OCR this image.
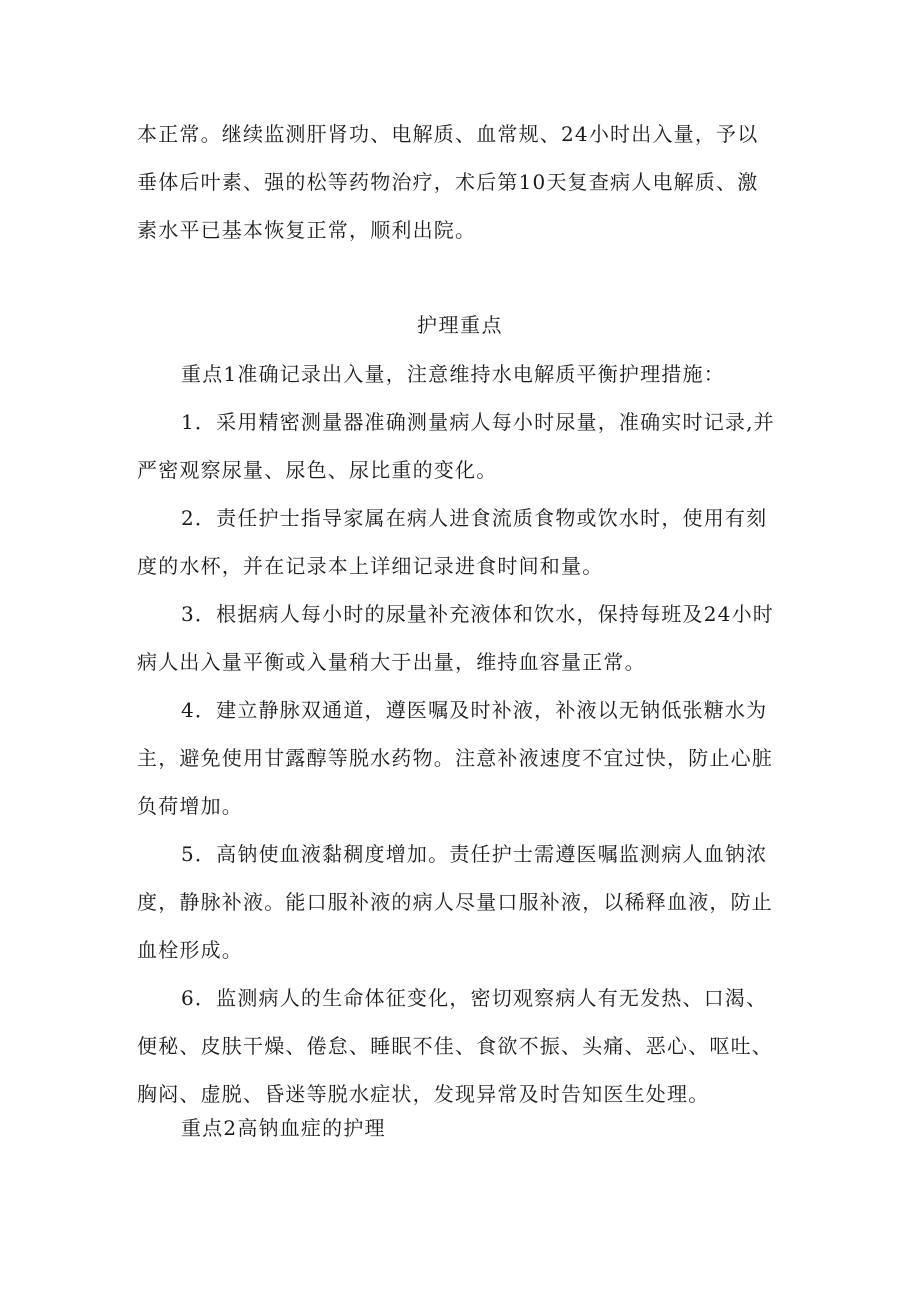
本正常。继续监测肝肾功、电解质、血常规、24小时出入量，予以
垂体后叶素、强的松等药物治疗，术后第10天复查病人电解质、激
素水平已基本恢复正常，顺利出院。
护理重点
重点1准确记录出入量，注意维持水电解质平衡护理措施：
1．采用精密测量器准确测量病人每小时尿量，准确实时记录,并
严密观察尿量、尿色、尿比重的变化。
2．责任护士指导家属在病人进食流质食物或饮水时，使用有刻
度的水杯，并在记录本上详细记录进食时间和量。
3．根据病人每小时的尿量补充液体和饮水，保持每班及24小时
病人出入量平衡或入量稍大于出量，维持血容量正常。
4．建立静脉双通道，遵医嘱及时补液，补液以无钠低张糖水为
主，避免使用甘露醇等脱水药物。注意补液速度不宜过快，防止心脏
负荷增加。
5．高钠使血液黏稠度增加。责任护士需遵医嘱监测病人血钠浓
度，静脉补液。能口服补液的病人尽量口服补液，以稀释血液，防止
血栓形成。
6．监测病人的生命体征变化，密切观察病人有无发热、口渴、
便秘、皮肤干燥、倦怠、睡眠不佳、食欲不振、头痛、恶心、呕吐、
胸闷、虚脱、昏迷等脱水症状，发现异常及时告知医生处理。
重点2高钠血症的护理
